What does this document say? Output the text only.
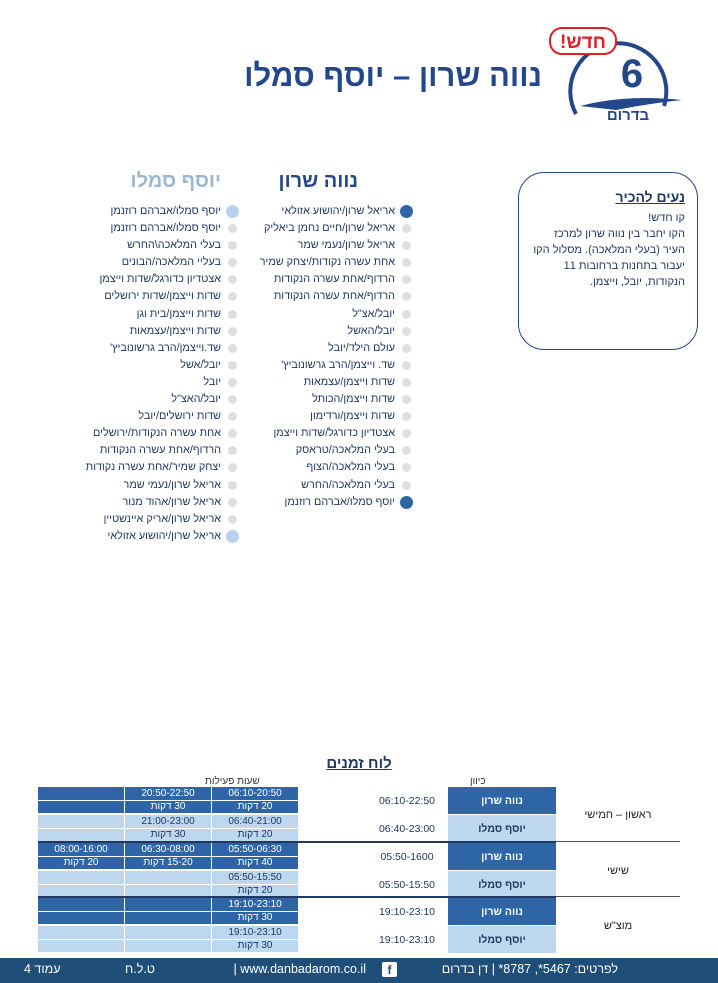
6
חדש!
בדרום
נווה שרון – יוסף סמלו
נעים להכיר
קו חדש!
הקו יחבר בין נווה שרון למרכז העיר (בעלי המלאכה). מסלול הקו יעבור בתחנות ברחובות 11 הנקודות, יובל, וייצמן.
נווה שרון
יוסף סמלו
אריאל שרון/יהושוע אזולאי
אריאל שרון/חיים נחמן ביאליק
אריאל שרון/נעמי שמר
אחת עשרה נקודות/יצחק שמיר
הרדוף/אחת עשרה הנקודות
הרדוף/אחת עשרה הנקודות
יובל/אצ"ל
יובל/האשל
עולם הילד/יובל
שד. וייצמן/הרב גרשונוביץ'
שדות וייצמן/עצמאות
שדות וייצמן/הכותל
שדות וייצמן/ורדימון
אצטדיון כדורגל/שדות וייצמן
בעלי המלאכה/טראסק
בעלי המלאכה/הצוף
בעלי המלאכה/החרש
יוסף סמלו/אברהם רוזנמן
יוסף סמלו/אברהם רוזנמן
יוסף סמלו/אברהם רוזנמן
בעלי המלאכה\החרש
בעליי המלאכה/הבונים
אצטדיון כדורגל/שדות וייצמן
שדות וייצמן/שדות ירושלים
שדות וייצמן/בית וגן
שדות וייצמן/עצמאות
שד.וייצמן/הרב גרשונוביץ'
יובל/אשל
יובל
יובל/האצ"ל
שדות ירושלים/יובל
אחת עשרה הנקודות/ירושלים
הרדוף/אחת עשרה הנקודות
יצחק שמיר/אחת עשרה נקודות
אריאל שרון/נעמי שמר
אריאל שרון/אהוד מנור
אריאל שרון/אריק איינשטיין
אריאל שרון/יהושוע אזולאי
לוח זמנים
כיוון
שעות פעילות
ראשון – חמישי
נווה שרון
06:10-22:50
06:10-20:50
20 דקות
20:50-22:50
30 דקות
יוסף סמלו
06:40-23:00
06:40-21:00
20 דקות
21:00-23:00
30 דקות
שישי
נווה שרון
05:50-1600
05:50-06:30
40 דקות
06:30-08:00
15-20 דקות
08:00-16:00
20 דקות
יוסף סמלו
05:50-15:50
05:50-15:50
20 דקות
מוצ"ש
נווה שרון
19:10-23:10
19:10-23:10
30 דקות
יוסף סמלו
19:10-23:10
19:10-23:10
30 דקות
לפרטים: 5467*, 8787* | דן בדרום
f
www.danbadarom.co.il |
ט.ל.ח
עמוד 4
